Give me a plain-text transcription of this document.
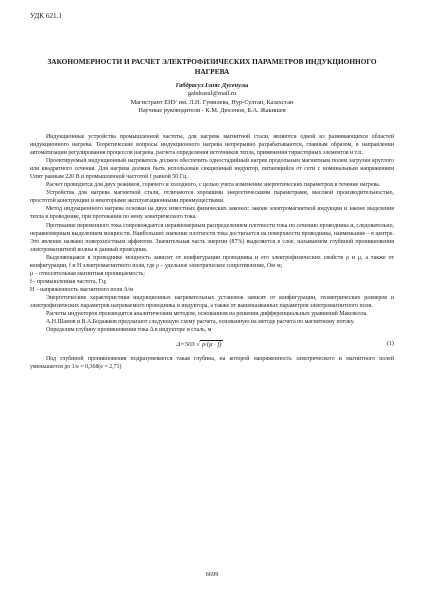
УДК 621.1
ЗАКОНОМЕРНОСТИ И РАСЧЕТ ЭЛЕКТРОФИЗИЧЕСКИХ ПАРАМЕТРОВ ИНДУКЦИОННОГО НАГРЕВА
Габдрасул Ілияс Дусенулы
gabdrasul@mail.ru
Магистрант ЕНУ им. Л.Н. Гумилева, Нур-Султан, Казахстан
Научные руководители - К.М. Дюсенов, Б.А. Жакишев

Индукционные устройства промышленной частоты, для нагрева магнитной стали, являются одной из развивающихся областей индукционного нагрева. Теоретические вопросы индукционного нагрева непрерывно разрабатываются, главным образом, в направлении автоматизации регулирования процессов нагрева, расчета определения источников тепла, применения тиристорных элементов и т.п.

Проектируемый индукционный нагреватель должен обеспечить одностадийный нагрев продольным магнитным полем загрузки круглого или квадратного сечения. Для нагрева должен быть использован секционный индуктор, питающийся от сети с номинальным напряжением Uпит равным 220 В и промышленной частотой f равной 50 Гц.

Расчет проводится для двух режимов, горячего и холодного, с целью учета изменения энергетических параметров в течение нагрева.

Устройства для нагрева магнитной стали, отличаются хорошими энергетическими параметрами, высокой производительностью, простотой конструкции и некоторыми эксплуатационными преимуществами.

Метод индукционного нагрева основан на двух известных физических законах: законе электромагнитной индукции и законе выделения тепла в проводнике, при протекании по нему электрического тока.

Протекание переменного тока сопровождается неравномерным распределением плотности тока по сечению проводника и, следовательно, неравномерным выделением мощности. Наибольшее значение плотности тока достигается на поверхности проводника, наименьшие – в центре. Это явление названо поверхностным эффектом. Значительная часть энергии (87%) выделяется в слое, называемом глубиной проникновения электромагнитной волны в данный проводник.

Выделяющаяся в проводнике мощность зависит от конфигурации проводника и его электрофизических свойств ρ и μ, а также от конфигурации, f и H электромагнитного поля, где ρ – удельное электрическое сопротивление, Ом·м;

μ – относительная магнитная проницаемость;

f - промышленная частота, Гц;

H – напряженность магнитного поля А/м

Энергетические характеристики индукционных нагревательных установок зависят от конфигурации, геометрических размеров и электрофизических параметров нагреваемого проводника и индуктора, а также от вышеназванных параметров электромагнитного поля.

Расчеты индукторов производятся аналитическим методом, основанном на решении дифференциальных уравнений Максвелла.

А.Н.Шамов и В.А.Бодажков предлагают следующую схему расчета, основанную на методе расчета по магнитному потоку.

Определим глубину проникновения тока Δ в индукторе и сталь, м

Δ=503 √ ρ/(μ · f)	(1)

Под глубиной проникновения подразумевается такая глубина, на которой напряженность электрического и магнитного полей уменьшается до 1/e = 0,368(e = 2,71)

6699
